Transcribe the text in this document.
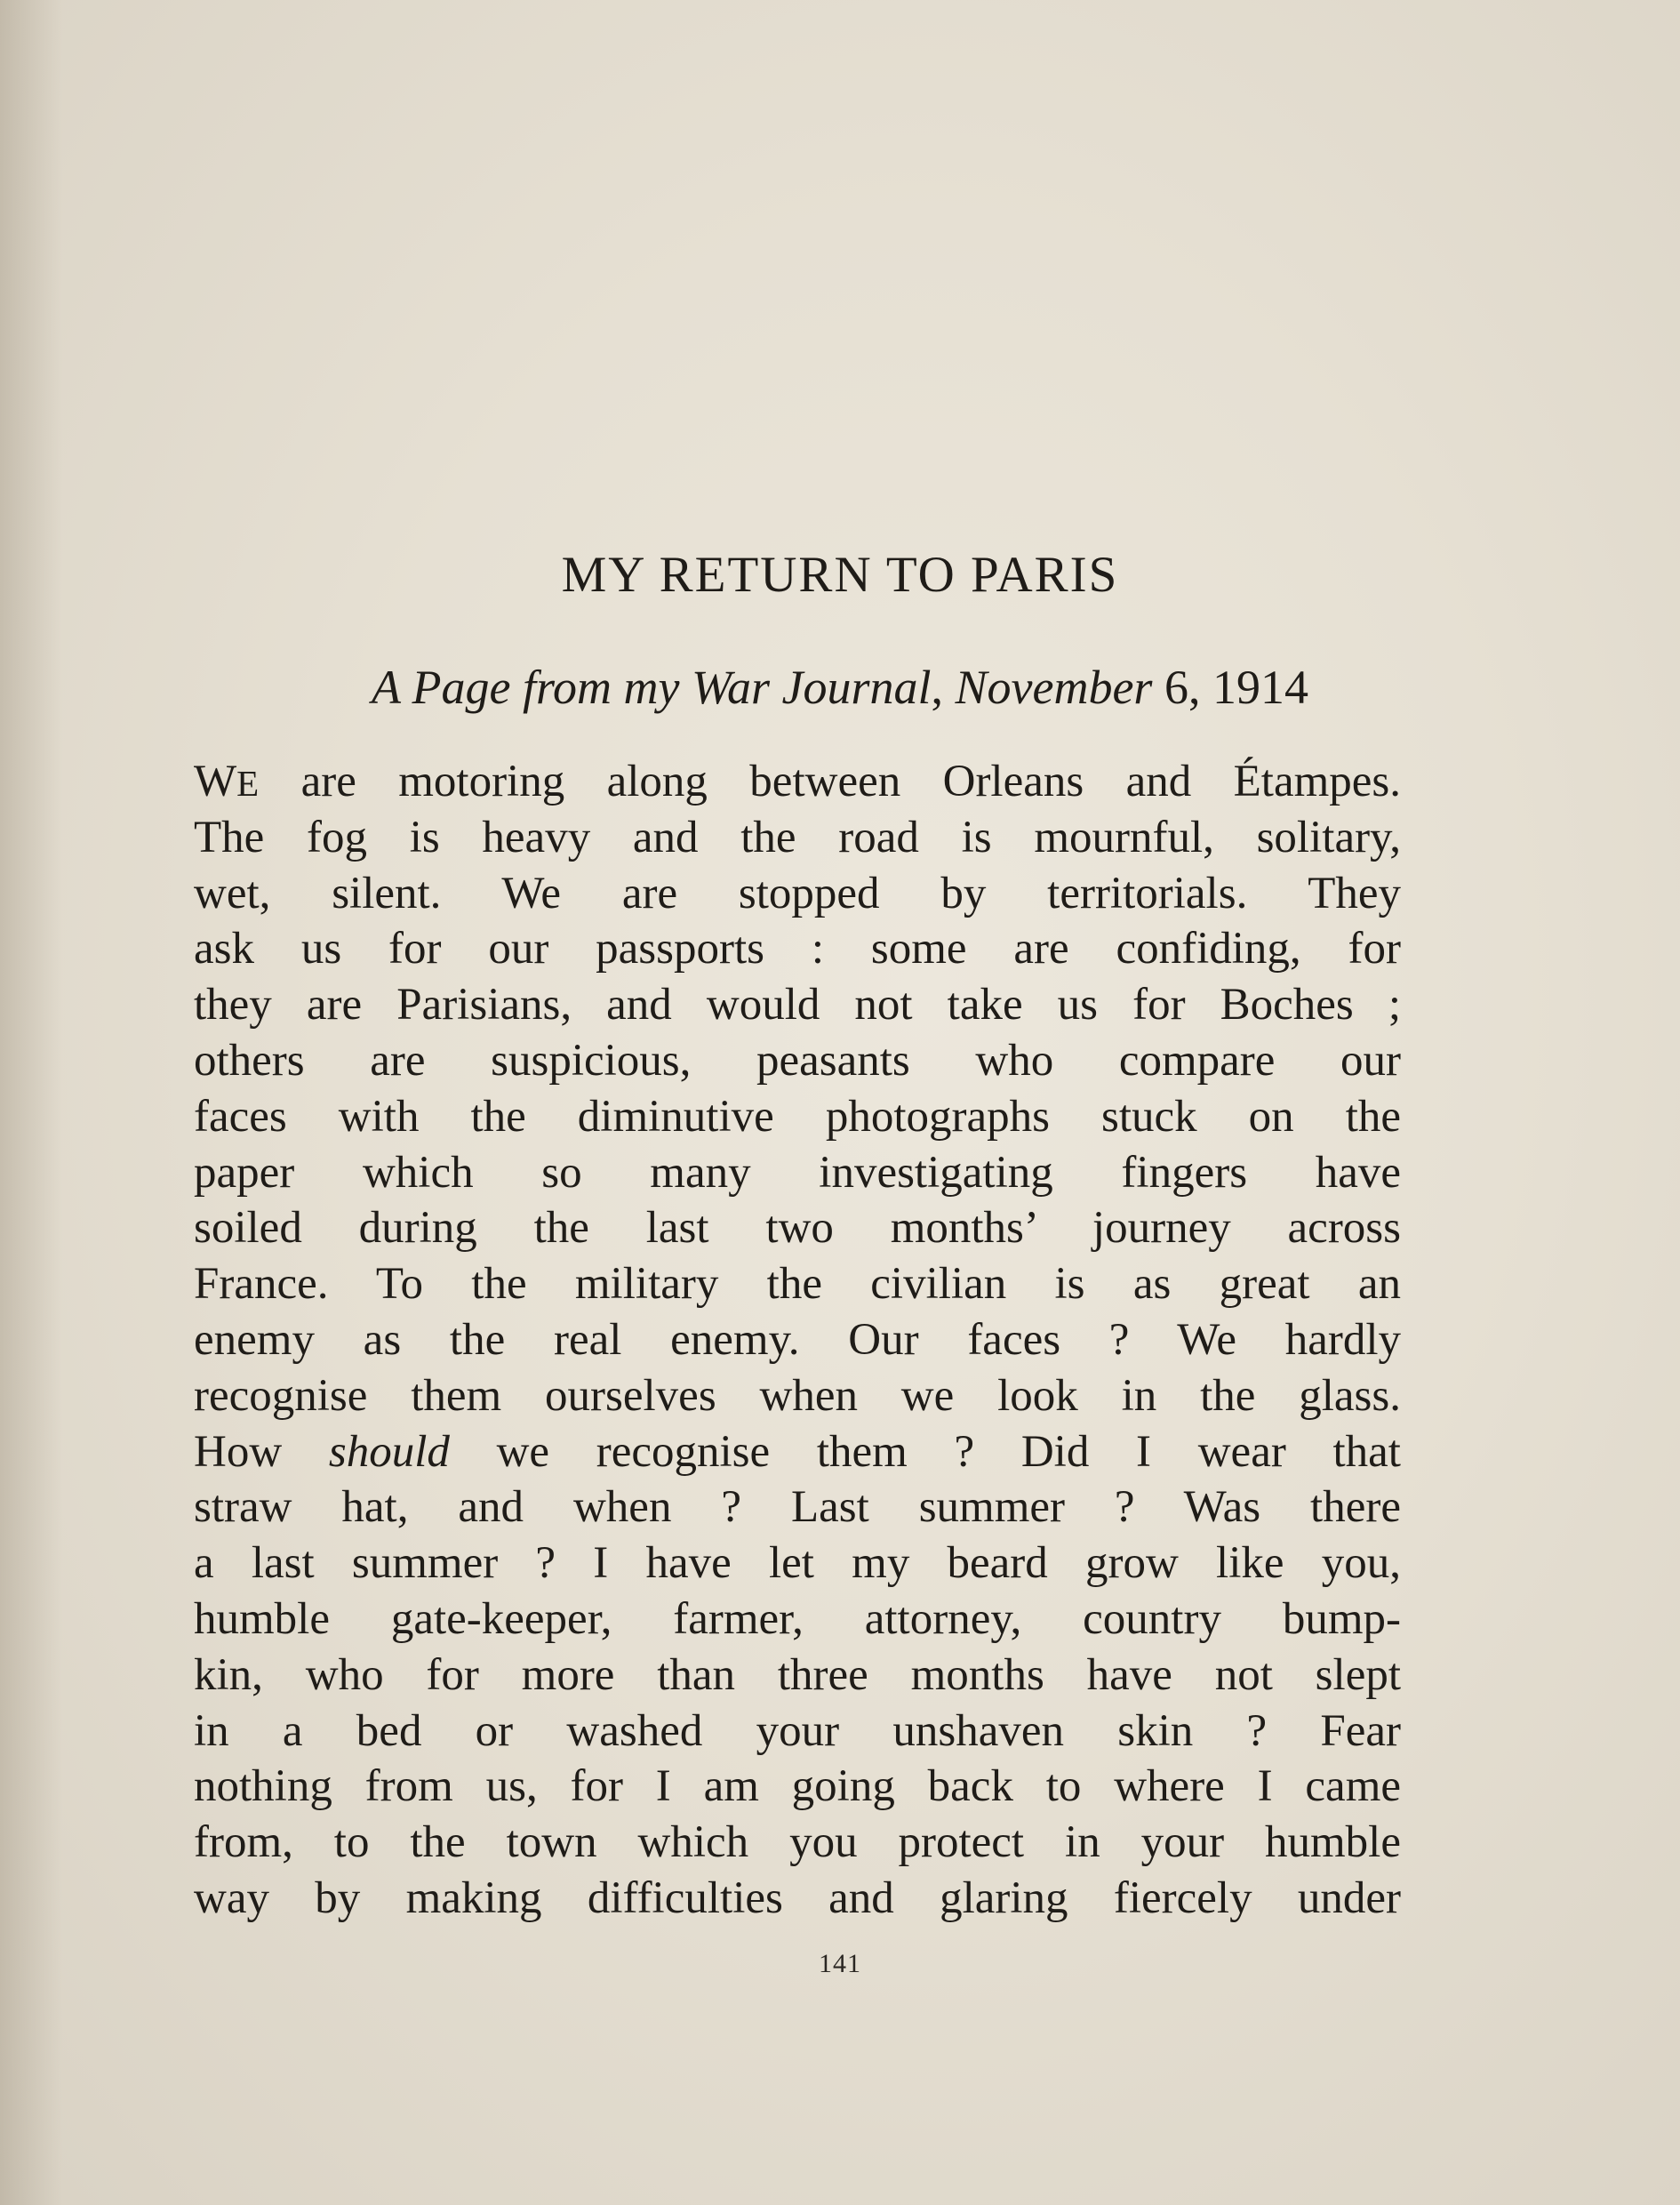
MY RETURN TO PARIS
A Page from my War Journal, November 6, 1914
WE are motoring along between Orleans and Étampes.
The fog is heavy and the road is mournful, solitary,
wet, silent. We are stopped by territorials. They
ask us for our passports : some are confiding, for
they are Parisians, and would not take us for Boches ;
others are suspicious, peasants who compare our
faces with the diminutive photographs stuck on the
paper which so many investigating fingers have
soiled during the last two months’ journey across
France. To the military the civilian is as great an
enemy as the real enemy. Our faces ? We hardly
recognise them ourselves when we look in the glass.
How should we recognise them ? Did I wear that
straw hat, and when ? Last summer ? Was there
a last summer ? I have let my beard grow like you,
humble gate-keeper, farmer, attorney, country bump-
kin, who for more than three months have not slept
in a bed or washed your unshaven skin ? Fear
nothing from us, for I am going back to where I came
from, to the town which you protect in your humble
way by making difficulties and glaring fiercely under
141
